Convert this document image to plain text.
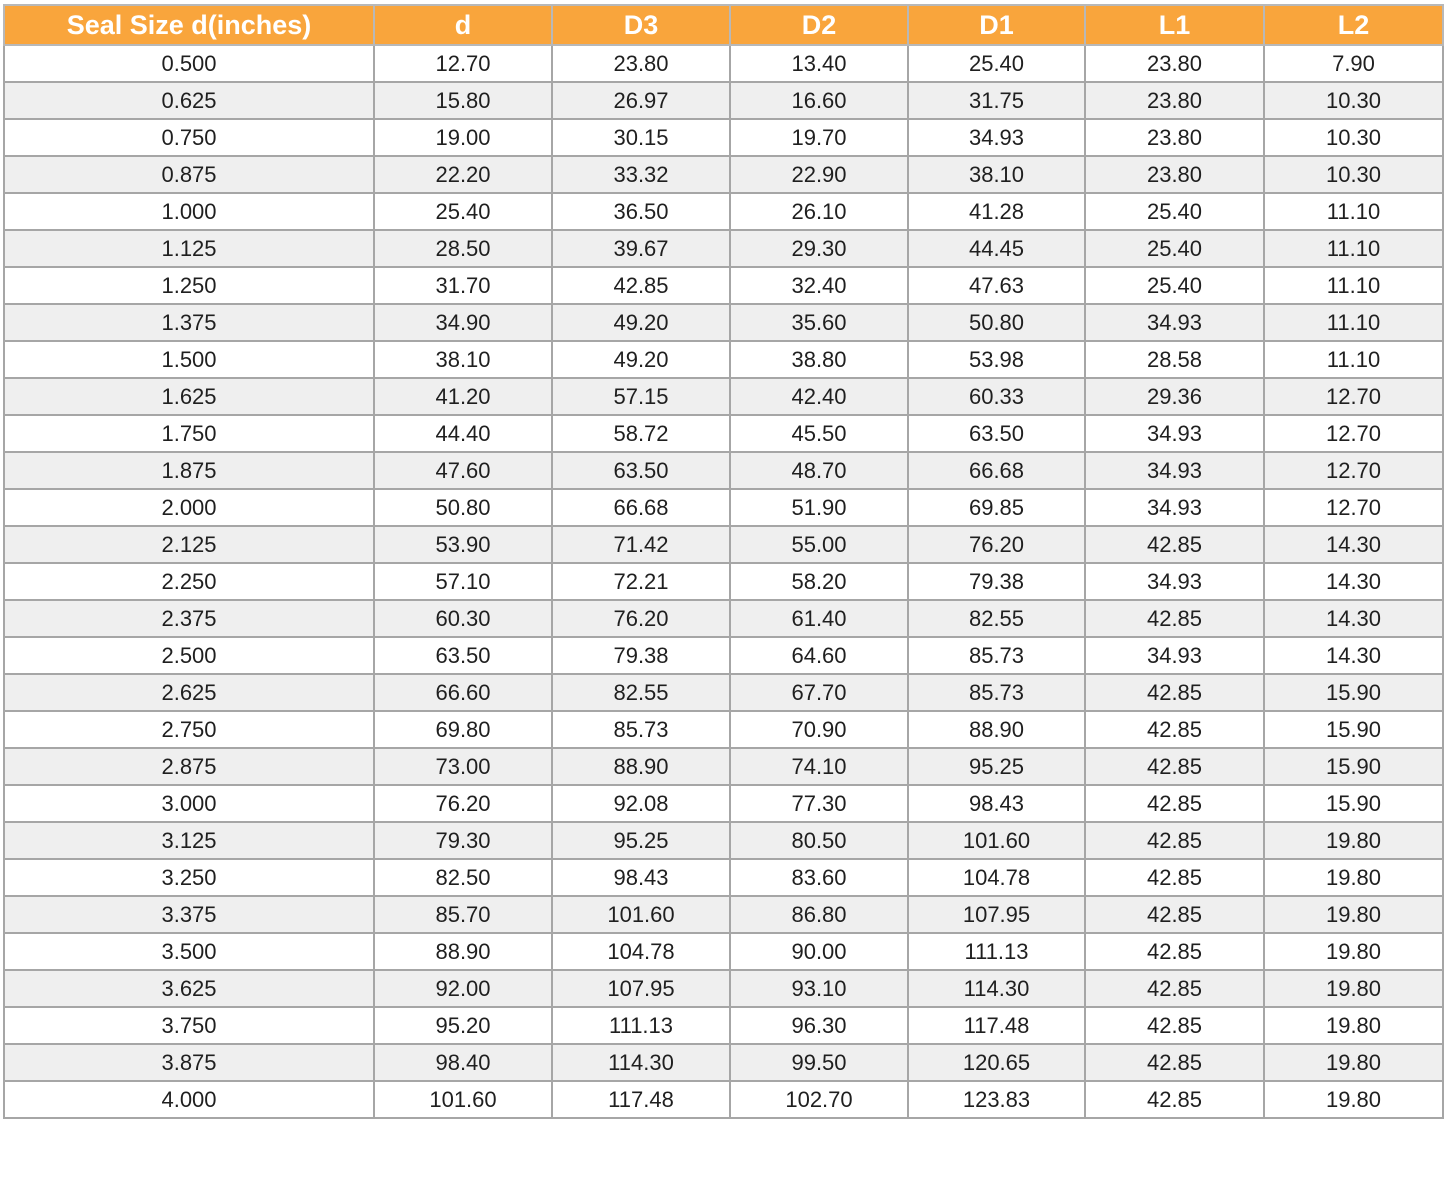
Seal Size d(inches)	d	D3	D2	D1	L1	L2
0.500	12.70	23.80	13.40	25.40	23.80	7.90
0.625	15.80	26.97	16.60	31.75	23.80	10.30
0.750	19.00	30.15	19.70	34.93	23.80	10.30
0.875	22.20	33.32	22.90	38.10	23.80	10.30
1.000	25.40	36.50	26.10	41.28	25.40	11.10
1.125	28.50	39.67	29.30	44.45	25.40	11.10
1.250	31.70	42.85	32.40	47.63	25.40	11.10
1.375	34.90	49.20	35.60	50.80	34.93	11.10
1.500	38.10	49.20	38.80	53.98	28.58	11.10
1.625	41.20	57.15	42.40	60.33	29.36	12.70
1.750	44.40	58.72	45.50	63.50	34.93	12.70
1.875	47.60	63.50	48.70	66.68	34.93	12.70
2.000	50.80	66.68	51.90	69.85	34.93	12.70
2.125	53.90	71.42	55.00	76.20	42.85	14.30
2.250	57.10	72.21	58.20	79.38	34.93	14.30
2.375	60.30	76.20	61.40	82.55	42.85	14.30
2.500	63.50	79.38	64.60	85.73	34.93	14.30
2.625	66.60	82.55	67.70	85.73	42.85	15.90
2.750	69.80	85.73	70.90	88.90	42.85	15.90
2.875	73.00	88.90	74.10	95.25	42.85	15.90
3.000	76.20	92.08	77.30	98.43	42.85	15.90
3.125	79.30	95.25	80.50	101.60	42.85	19.80
3.250	82.50	98.43	83.60	104.78	42.85	19.80
3.375	85.70	101.60	86.80	107.95	42.85	19.80
3.500	88.90	104.78	90.00	111.13	42.85	19.80
3.625	92.00	107.95	93.10	114.30	42.85	19.80
3.750	95.20	111.13	96.30	117.48	42.85	19.80
3.875	98.40	114.30	99.50	120.65	42.85	19.80
4.000	101.60	117.48	102.70	123.83	42.85	19.80
